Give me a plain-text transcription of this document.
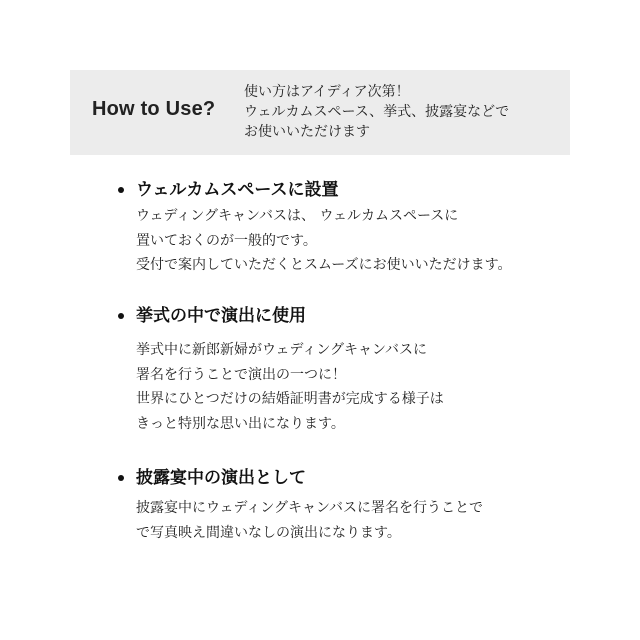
How to Use?
使い方はアイディア次第！
ウェルカムスペース、挙式、披露宴などで
お使いいただけます
ウェルカムスペースに設置
ウェディングキャンバスは、 ウェルカムスペースに
置いておくのが一般的です。
受付で案内していただくとスムーズにお使いいただけます。
挙式の中で演出に使用
挙式中に新郎新婦がウェディングキャンバスに
署名を行うことで演出の一つに！
世界にひとつだけの結婚証明書が完成する様子は
きっと特別な思い出になります。
披露宴中の演出として
披露宴中にウェディングキャンバスに署名を行うことで
で写真映え間違いなしの演出になります。
